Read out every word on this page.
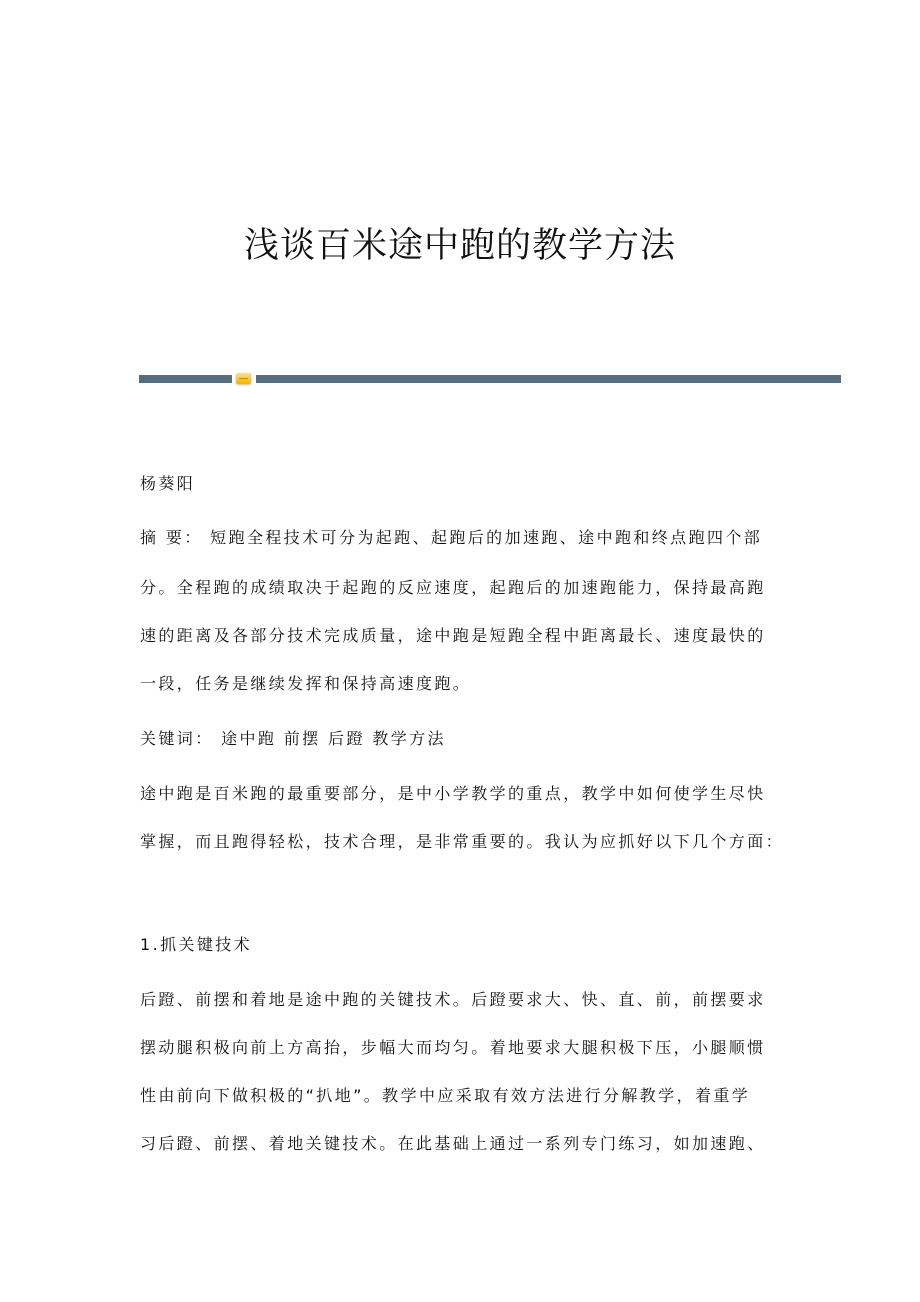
浅谈百米途中跑的教学方法
杨葵阳
摘 要： 短跑全程技术可分为起跑、起跑后的加速跑、途中跑和终点跑四个部
分。全程跑的成绩取决于起跑的反应速度，起跑后的加速跑能力，保持最高跑
速的距离及各部分技术完成质量，途中跑是短跑全程中距离最长、速度最快的
一段，任务是继续发挥和保持高速度跑。
关键词： 途中跑 前摆 后蹬 教学方法
途中跑是百米跑的最重要部分，是中小学教学的重点，教学中如何使学生尽快
掌握，而且跑得轻松，技术合理，是非常重要的。我认为应抓好以下几个方面：
1.抓关键技术
后蹬、前摆和着地是途中跑的关键技术。后蹬要求大、快、直、前，前摆要求
摆动腿积极向前上方高抬，步幅大而均匀。着地要求大腿积极下压，小腿顺惯
性由前向下做积极的“扒地”。教学中应采取有效方法进行分解教学，着重学
习后蹬、前摆、着地关键技术。在此基础上通过一系列专门练习，如加速跑、
